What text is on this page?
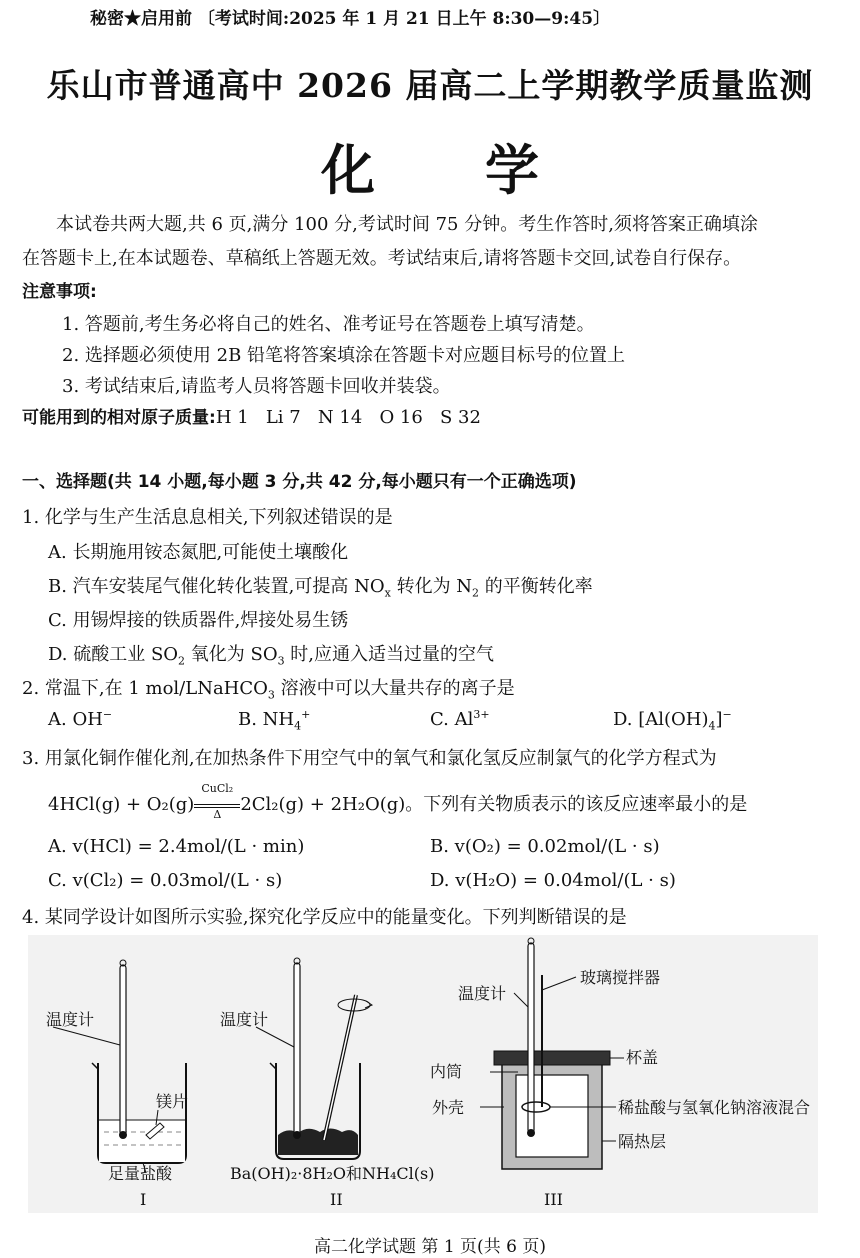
秘密★启用前 〔考试时间:2025 年 1 月 21 日上午 8:30—9:45〕
乐山市普通高中 2026 届高二上学期教学质量监测
化学
本试卷共两大题,共 6 页,满分 100 分,考试时间 75 分钟。考生作答时,须将答案正确填涂
在答题卡上,在本试题卷、草稿纸上答题无效。考试结束后,请将答题卡交回,试卷自行保存。
注意事项:
1. 答题前,考生务必将自己的姓名、准考证号在答题卷上填写清楚。
2. 选择题必须使用 2B 铅笔将答案填涂在答题卡对应题目标号的位置上
3. 考试结束后,请监考人员将答题卡回收并装袋。
可能用到的相对原子质量:H 1   Li 7   N 14   O 16   S 32
一、选择题(共 14 小题,每小题 3 分,共 42 分,每小题只有一个正确选项)
1. 化学与生产生活息息相关,下列叙述错误的是
A. 长期施用铵态氮肥,可能使土壤酸化
B. 汽车安装尾气催化转化装置,可提高 $NO_x$ 转化为 $N_2$ 的平衡转化率
C. 用锡焊接的铁质器件,焊接处易生锈
D. 硫酸工业 $SO_2$ 氧化为 $SO_3$ 时,应通入适当过量的空气
2. 常温下,在 1 mol/LNaHCO$_3$ 溶液中可以大量共存的离子是
A. OH−	B. $NH_4^+$	C. $Al^{3+}$	D. $[Al(OH)_4]^-$
3. 用氯化铜作催化剂,在加热条件下用空气中的氧气和氯化氢反应制氯气的化学方程式为
4HCl(g) + O₂(g)
CuCl₂
Δ	2Cl₂(g) + 2H₂O(g)。下列有关物质表示的该反应速率最小的是
A. v(HCl) = 2.4mol/(L · min)	B. v(O₂) = 0.02mol/(L · s)
C. v(Cl₂) = 0.03mol/(L · s)	D. v(H₂O) = 0.04mol/(L · s)
4. 某同学设计如图所示实验,探究化学反应中的能量变化。下列判断错误的是
温度计
镁片
足量盐酸
I
温度计
Ba(OH)₂·8H₂O和NH₄Cl(s)
II
玻璃搅拌器
温度计
杯盖
内筒
外壳	稀盐酸与氢氧化钠溶液混合
隔热层
III
高二化学试题 第 1 页(共 6 页)
